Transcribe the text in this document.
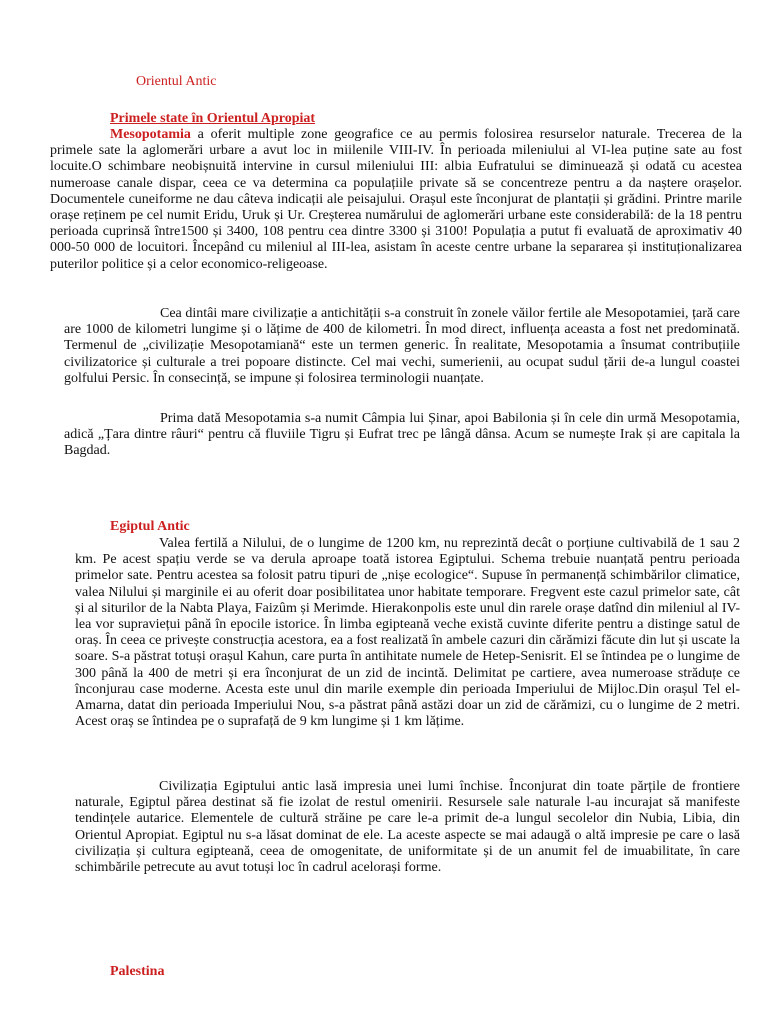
Orientul Antic
Primele state în Orientul Apropiat

Mesopotamia a oferit multiple zone geografice ce au permis folosirea resurselor naturale. Trecerea de la primele sate la aglomerări urbare a avut loc in miilenile VIII-IV. În perioada mileniului al VI-lea puține sate au fost locuite.O schimbare neobișnuită intervine in cursul mileniului III: albia Eufratului se diminuează și odată cu acestea numeroase canale dispar, ceea ce va determina ca populațiile private să se concentreze pentru a da naștere orașelor. Documentele cuneiforme ne dau câteva indicații ale peisajului. Orașul este înconjurat de plantații și grădini. Printre marile orașe reținem pe cel numit Eridu, Uruk și Ur. Creșterea numărului de aglomerări urbane este considerabilă: de la 18 pentru perioada cuprinsă între1500 și 3400, 108 pentru cea dintre 3300 și 3100! Populația a putut fi evaluată de aproximativ 40 000-50 000 de locuitori. Începând cu mileniul al III-lea, asistam în aceste centre urbane la separarea și instituționalizarea puterilor politice și a celor economico-religeoase.

Cea dintâi mare civilizație a antichității s-a construit în zonele văilor fertile ale Mesopotamiei, țară care are 1000 de kilometri lungime și o lățime de 400 de kilometri. În mod direct, influența aceasta a fost net predominată. Termenul de „civilizație Mesopotamiană“ este un termen generic. În realitate, Mesopotamia a însumat contribuțiile civilizatorice și culturale a trei popoare distincte. Cel mai vechi, sumerienii, au ocupat sudul țării de-a lungul coastei golfului Persic. În consecință, se impune și folosirea terminologii nuanțate.

Prima dată Mesopotamia s-a numit Câmpia lui Șinar, apoi Babilonia și în cele din urmă Mesopotamia, adică „Țara dintre râuri“ pentru că fluviile Tigru și Eufrat trec pe lângă dânsa. Acum se numește Irak și are capitala la Bagdad.

Egiptul Antic

Valea fertilă a Nilului, de o lungime de 1200 km, nu reprezintă decât o porțiune cultivabilă de 1 sau 2 km. Pe acest spațiu verde se va derula aproape toată istorea Egiptului. Schema trebuie nuanțată pentru perioada primelor sate. Pentru acestea sa folosit patru tipuri de „nișe ecologice“. Supuse în permanență schimbărilor climatice, valea Nilului și marginile ei au oferit doar posibilitatea unor habitate temporare. Fregvent este cazul primelor sate, cât și al siturilor de la Nabta Playa, Faizûm și Merimde. Hierakonpolis este unul din rarele orașe datînd din mileniul al IV-lea vor supraviețui până în epocile istorice. În limba egipteană veche există cuvinte diferite pentru a distinge satul de oraș. În ceea ce privește construcția acestora, ea a fost realizată în ambele cazuri din cărămizi făcute din lut și uscate la soare. S-a păstrat totuși orașul Kahun, care purta în antihitate numele de Hetep-Senisrit. El se întindea pe o lungime de 300 până la 400 de metri și era înconjurat de un zid de incintă. Delimitat pe cartiere, avea numeroase străduțe ce înconjurau case moderne. Acesta este unul din marile exemple din perioada Imperiului de Mijloc.Din orașul Tel el-Amarna, datat din perioada Imperiului Nou, s-a păstrat până astăzi doar un zid de cărămizi, cu o lungime de 2 metri. Acest oraș se întindea pe o suprafață de 9 km lungime și 1 km lățime.

Civilizația Egiptului antic lasă impresia unei lumi închise. Înconjurat din toate părțile de frontiere naturale, Egiptul părea destinat să fie izolat de restul omenirii. Resursele sale naturale l-au incurajat să manifeste tendințele autarice. Elementele de cultură străine pe care le-a primit de-a lungul secolelor din Nubia, Libia, din Orientul Apropiat. Egiptul nu s-a lăsat dominat de ele. La aceste aspecte se mai adaugă o altă impresie pe care o lasă civilizația și cultura egipteană, ceea de omogenitate, de uniformitate și de un anumit fel de imuabilitate, în care schimbările petrecute au avut totuși loc în cadrul acelorași forme.

Palestina
